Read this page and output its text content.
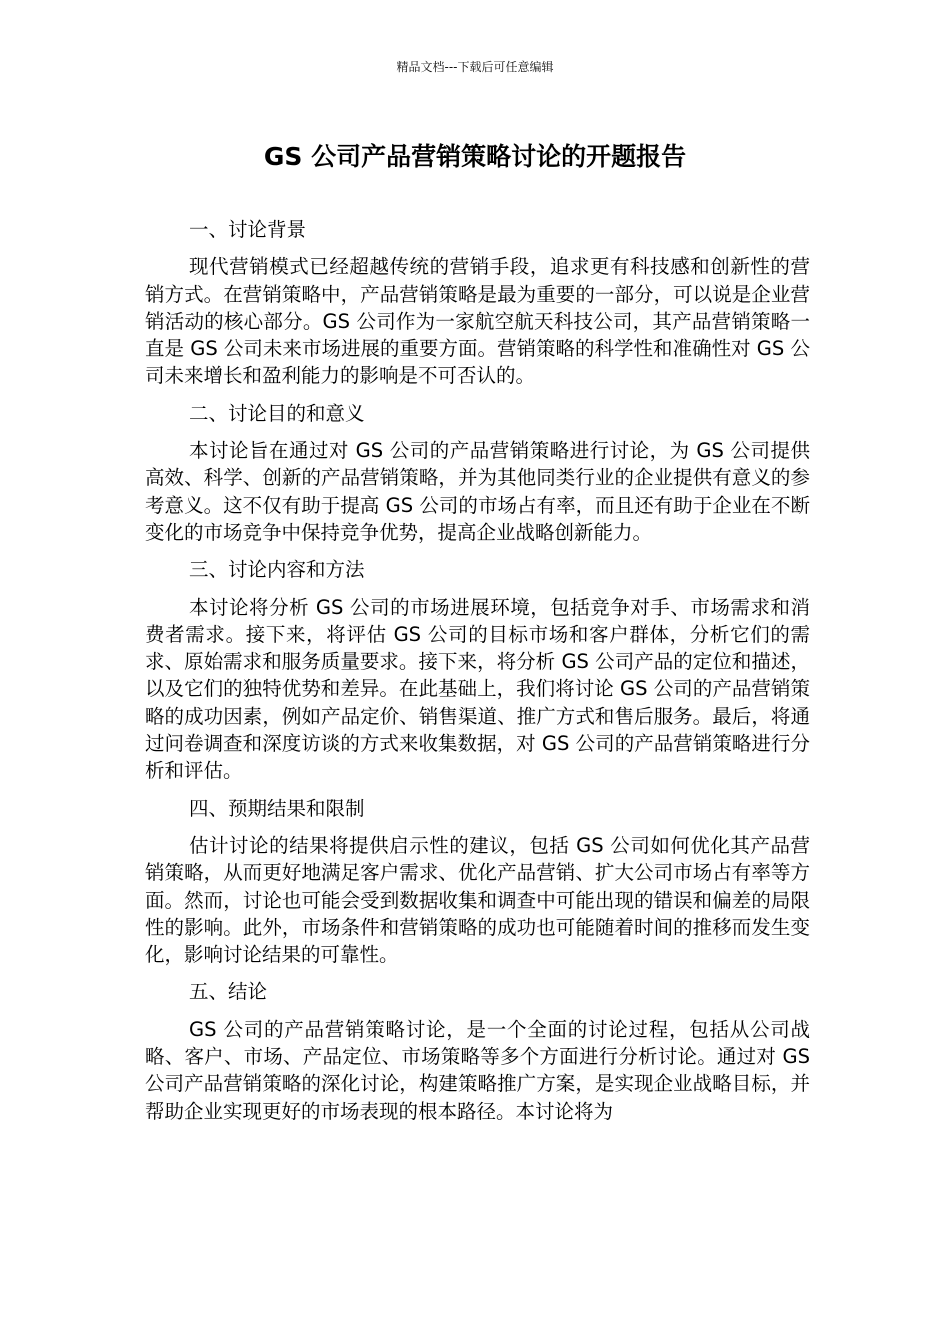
精品文档---下载后可任意编辑
GS 公司产品营销策略讨论的开题报告

一、讨论背景

现代营销模式已经超越传统的营销手段，追求更有科技感和创新性的营销方式。在营销策略中，产品营销策略是最为重要的一部分，可以说是企业营销活动的核心部分。GS 公司作为一家航空航天科技公司，其产品营销策略一直是 GS 公司未来市场进展的重要方面。营销策略的科学性和准确性对 GS 公司未来增长和盈利能力的影响是不可否认的。

二、讨论目的和意义

本讨论旨在通过对 GS 公司的产品营销策略进行讨论，为 GS 公司提供高效、科学、创新的产品营销策略，并为其他同类行业的企业提供有意义的参考意义。这不仅有助于提高 GS 公司的市场占有率，而且还有助于企业在不断变化的市场竞争中保持竞争优势，提高企业战略创新能力。

三、讨论内容和方法

本讨论将分析 GS 公司的市场进展环境，包括竞争对手、市场需求和消费者需求。接下来，将评估 GS 公司的目标市场和客户群体，分析它们的需求、原始需求和服务质量要求。接下来，将分析 GS 公司产品的定位和描述，以及它们的独特优势和差异。在此基础上，我们将讨论 GS 公司的产品营销策略的成功因素，例如产品定价、销售渠道、推广方式和售后服务。最后，将通过问卷调查和深度访谈的方式来收集数据，对 GS 公司的产品营销策略进行分析和评估。

四、预期结果和限制

估计讨论的结果将提供启示性的建议，包括 GS 公司如何优化其产品营销策略，从而更好地满足客户需求、优化产品营销、扩大公司市场占有率等方面。然而，讨论也可能会受到数据收集和调查中可能出现的错误和偏差的局限性的影响。此外，市场条件和营销策略的成功也可能随着时间的推移而发生变化，影响讨论结果的可靠性。

五、结论

GS 公司的产品营销策略讨论，是一个全面的讨论过程，包括从公司战略、客户、市场、产品定位、市场策略等多个方面进行分析讨论。通过对 GS 公司产品营销策略的深化讨论，构建策略推广方案，是实现企业战略目标，并帮助企业实现更好的市场表现的根本路径。本讨论将为
